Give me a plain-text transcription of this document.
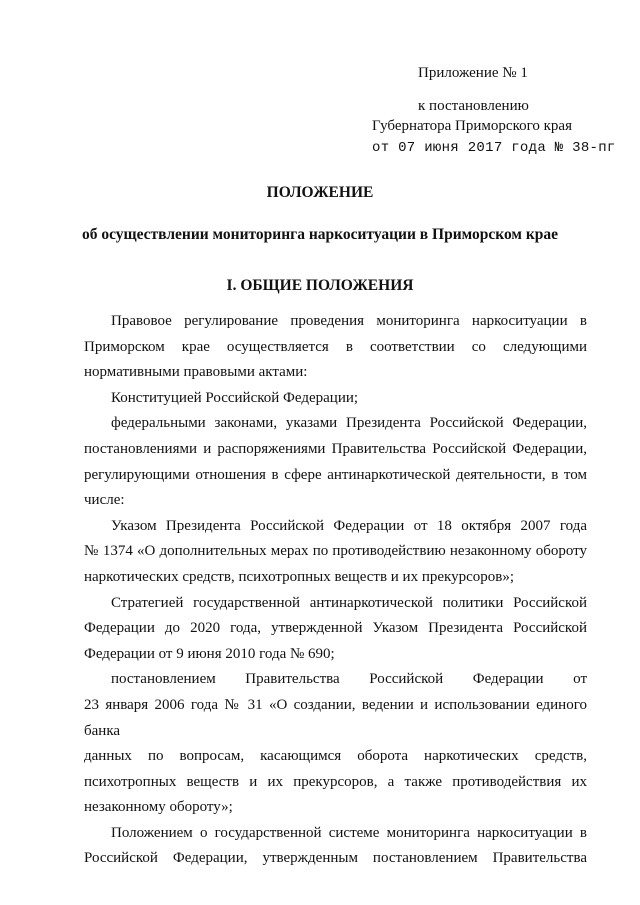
Приложение № 1
к постановлению
Губернатора Приморского края
от 07 июня 2017 года № 38-пг
ПОЛОЖЕНИЕ
об осуществлении мониторинга наркоситуации в Приморском крае
I. ОБЩИЕ ПОЛОЖЕНИЯ

Правовое регулирование проведения мониторинга наркоситуации в

Приморском крае осуществляется в соответствии со следующими

нормативными правовыми актами:

Конституцией Российской Федерации;

федеральными законами, указами Президента Российской Федерации,

постановлениями и распоряжениями Правительства Российской Федерации,

регулирующими отношения в сфере антинаркотической деятельности, в том

числе:

Указом Президента Российской Федерации от 18 октября 2007 года

№ 1374 «О дополнительных мерах по противодействию незаконному обороту

наркотических средств, психотропных веществ и их прекурсоров»;

Стратегией государственной антинаркотической политики Российской

Федерации до 2020 года, утвержденной Указом Президента Российской

Федерации от 9 июня 2010 года № 690;

постановлением Правительства Российской Федерации от

23 января 2006 года № 31 «О создании, ведении и использовании единого банка

данных по вопросам, касающимся оборота наркотических средств,

психотропных веществ и их прекурсоров, а также противодействия их

незаконному обороту»;

Положением о государственной системе мониторинга наркоситуации в

Российской Федерации, утвержденным постановлением Правительства
